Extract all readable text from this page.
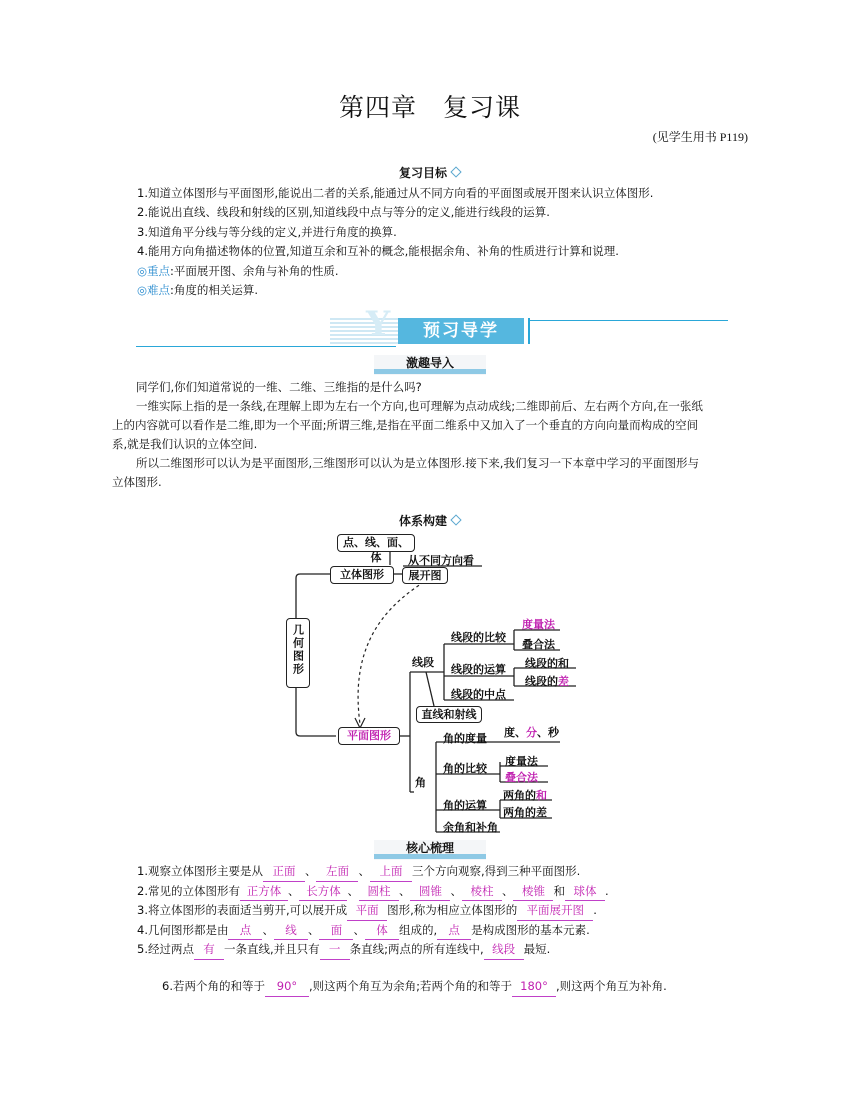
第四章　复习课
(见学生用书 P119)
复习目标
1.知道立体图形与平面图形,能说出二者的关系,能通过从不同方向看的平面图或展开图来认识立体图形.
2.能说出直线、线段和射线的区别,知道线段中点与等分的定义,能进行线段的运算.
3.知道角平分线与等分线的定义,并进行角度的换算.
4.能用方向角描述物体的位置,知道互余和互补的概念,能根据余角、补角的性质进行计算和说理.
◎重点:平面展开图、余角与补角的性质.
◎难点:角度的相关运算.
Y	预习导学
激趣导入
同学们,你们知道常说的一维、二维、三维指的是什么吗?
一维实际上指的是一条线,在理解上即为左右一个方向,也可理解为点动成线;二维即前后、左右两个方向,在一张纸
上的内容就可以看作是二维,即为一个平面;所谓三维,是指在平面二维系中又加入了一个垂直的方向向量而构成的空间
系,就是我们认识的立体空间.
所以二维图形可以认为是平面图形,三维图形可以认为是立体图形.接下来,我们复习一下本章中学习的平面图形与
立体图形.
体系构建
几何图形
点、线、面、体
立体图形
从不同方向看
展开图
平面图形
线段
线段的比较
线段的运算
线段的中点
度量法
叠合法
线段的和
线段的差
直线和射线
角
角的度量 度、分、秒
角的比较
度量法
叠合法
角的运算
两角的和
两角的差
余角和补角
核心梳理
1.观察立体图形主要是从 正面 、 左面 、 上面 三个方向观察,得到三种平面图形.
2.常见的立体图形有 正方体 、 长方体 、 圆柱 、 圆锥 、 棱柱 、 棱锥 和 球体 .
3.将立体图形的表面适当剪开,可以展开成 平面 图形,称为相应立体图形的 平面展开图 .
4.几何图形都是由 点 、 线 、 面 、 体 组成的, 点 是构成图形的基本元素.
5.经过两点 有 一条直线,并且只有 一 条直线;两点的所有连线中, 线段 最短.
6.若两个角的和等于 90° ,则这两个角互为余角;若两个角的和等于 180° ,则这两个角互为补角.
